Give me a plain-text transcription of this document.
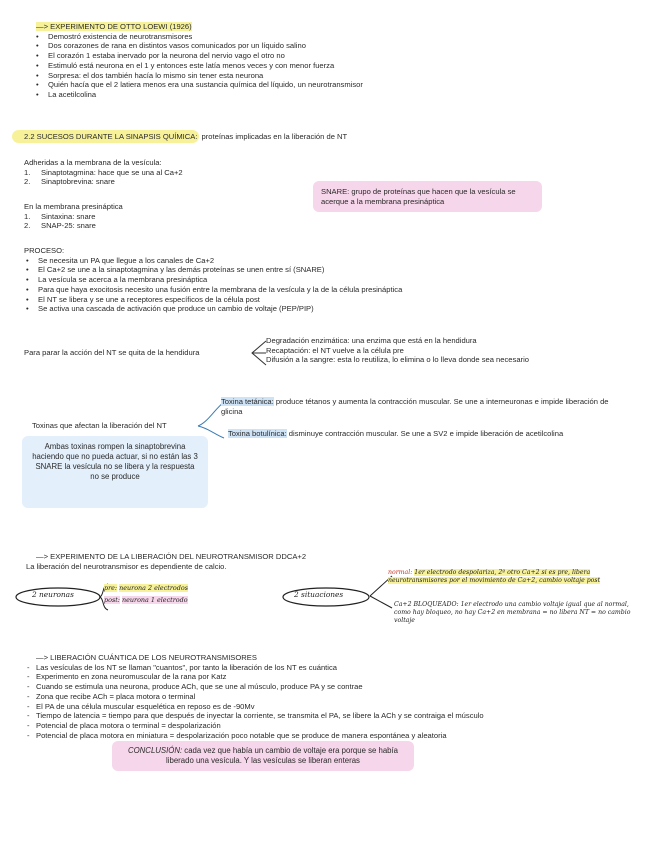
—> EXPERIMENTO DE OTTO LOEWI (1926)
• Demostró existencia de neurotransmisores
• Dos corazones de rana en distintos vasos comunicados por un líquido salino
• El corazón 1 estaba inervado por la neurona del nervio vago el otro no
• Estimuló está neurona en el 1 y entonces este latía menos veces y con menor fuerza
• Sorpresa: el dos también hacía lo mismo sin tener esta neurona
• Quién hacía que el 2 latiera menos era una sustancia química del líquido, un neurotransmisor
• La acetilcolina
2.2 SUCESOS DURANTE LA SINAPSIS QUÍMICA: proteínas implicadas en la liberación de NT
Adheridas a la membrana de la vesícula:
1. Sinaptotagmina: hace que se una al Ca+2
2. Sinaptobrevina: snare
SNARE: grupo de proteínas que hacen que la vesícula se acerque a la membrana presináptica
En la membrana presináptica
1. Sintaxina: snare
2. SNAP-25: snare
PROCESO:
• Se necesita un PA que llegue a los canales de Ca+2
• El Ca+2 se une a la sinaptotagmina y las demás proteínas se unen entre sí (SNARE)
• La vesícula se acerca a la membrana presináptica
• Para que haya exocitosis necesito una fusión entre la membrana de la vesícula y la de la célula presináptica
• El NT se libera y se une a receptores específicos de la célula post
• Se activa una cascada de activación que produce un cambio de voltaje (PEP/PIP)
Para parar la acción del NT se quita de la hendidura
Degradación enzimática: una enzima que está en la hendidura
Recaptación: el NT vuelve a la célula pre
Difusión a la sangre: esta lo reutiliza, lo elimina o lo lleva donde sea necesario
Toxinas que afectan la liberación del NT
Toxina tetánica: produce tétanos y aumenta la contracción muscular. Se une a interneuronas e impide liberación de glicina
Toxina botulínica: disminuye contracción muscular. Se une a SV2 e impide liberación de acetilcolina
Ambas toxinas rompen la sinaptobrevina haciendo que no pueda actuar, si no están las 3 SNARE la vesícula no se libera y la respuesta no se produce
—> EXPERIMENTO DE LA LIBERACIÓN DEL NEUROTRANSMISOR DDCA+2
La liberación del neurotransmisor es dependiente de calcio.
2 neuronas
pre: neurona 2 electrodos
post: neurona 1 electrodo
2 situaciones
normal: 1er electrodo despolariza, 2º otro Ca+2 si es pre, libera neurotransmisores por el movimiento de Ca+2, cambio voltaje post
Ca+2 BLOQUEADO: 1er electrodo una cambio voltaje igual que al normal, como hay bloqueo, no hay Ca+2 en membrana = no libera NT = no cambio voltaje
—> LIBERACIÓN CUÁNTICA DE LOS NEUROTRANSMISORES
- Las vesículas de los NT se llaman "cuantos", por tanto la liberación de los NT es cuántica
- Experimento en zona neuromuscular de la rana por Katz
- Cuando se estimula una neurona, produce ACh, que se une al músculo, produce PA y se contrae
- Zona que recibe ACh = placa motora o terminal
- El PA de una célula muscular esquelética en reposo es de -90Mv
- Tiempo de latencia = tiempo para que después de inyectar la corriente, se transmita el PA, se libere la ACh y se contraiga el músculo
- Potencial de placa motora o terminal = despolarización
- Potencial de placa motora en miniatura = despolarización poco notable que se produce de manera espontánea y aleatoria
CONCLUSIÓN: cada vez que había un cambio de voltaje era porque se había liberado una vesícula. Y las vesículas se liberan enteras
